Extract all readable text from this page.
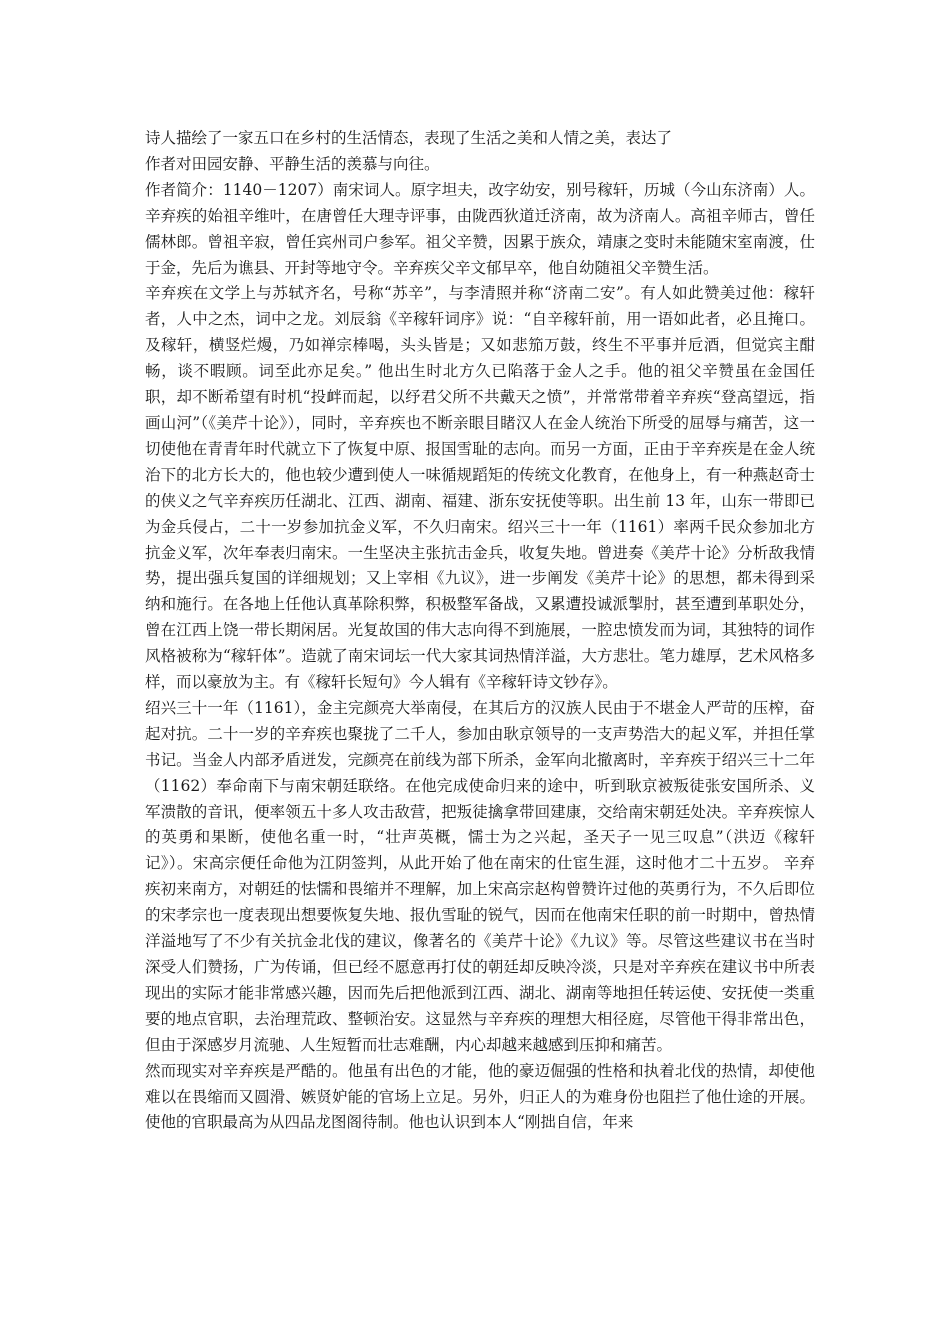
诗人描绘了一家五口在乡村的生活情态，表现了生活之美和人情之美，表达了

作者对田园安静、平静生活的羡慕与向往。

作者简介：1140－1207）南宋词人。原字坦夫，改字幼安，别号稼轩，历城（今山东济南）人。 辛弃疾的始祖辛维叶，在唐曾任大理寺评事，由陇西狄道迁济南，故为济南人。高祖辛师古，曾任儒林郎。曾祖辛寂，曾任宾州司户参军。祖父辛赞，因累于族众，靖康之变时未能随宋室南渡，仕于金，先后为谯县、开封等地守令。辛弃疾父辛文郁早卒，他自幼随祖父辛赞生活。

辛弃疾在文学上与苏轼齐名，号称“苏辛”，与李清照并称“济南二安”。有人如此赞美过他：稼轩者，人中之杰，词中之龙。刘辰翁《辛稼轩词序》说：“自辛稼轩前，用一语如此者，必且掩口。及稼轩，横竖烂熳，乃如禅宗棒喝，头头皆是；又如悲笳万鼓，终生不平事并卮酒，但觉宾主酣畅，谈不暇顾。词至此亦足矣。” 他出生时北方久已陷落于金人之手。他的祖父辛赞虽在金国任职，却不断希望有时机“投衅而起，以纾君父所不共戴天之愤”，并常常带着辛弃疾“登高望远，指画山河”（《美芹十论》），同时，辛弃疾也不断亲眼目睹汉人在金人统治下所受的屈辱与痛苦，这一切使他在青青年时代就立下了恢复中原、报国雪耻的志向。而另一方面，正由于辛弃疾是在金人统治下的北方长大的，他也较少遭到使人一味循规蹈矩的传统文化教育，在他身上，有一种燕赵奇士的侠义之气辛弃疾历任湖北、江西、湖南、福建、浙东安抚使等职。出生前 13 年，山东一带即已为金兵侵占，二十一岁参加抗金义军，不久归南宋。绍兴三十一年（1161）率两千民众参加北方抗金义军，次年奉表归南宋。一生坚决主张抗击金兵，收复失地。曾进奏《美芹十论》分析敌我情势，提出强兵复国的详细规划；又上宰相《九议》，进一步阐发《美芹十论》的思想，都未得到采纳和施行。在各地上任他认真革除积弊，积极整军备战，又累遭投诚派掣肘，甚至遭到革职处分，曾在江西上饶一带长期闲居。光复故国的伟大志向得不到施展，一腔忠愤发而为词，其独特的词作风格被称为“稼轩体”。造就了南宋词坛一代大家其词热情洋溢，大方悲壮。笔力雄厚，艺术风格多样，而以豪放为主。有《稼轩长短句》今人辑有《辛稼轩诗文钞存》。

绍兴三十一年（1161），金主完颜亮大举南侵，在其后方的汉族人民由于不堪金人严苛的压榨，奋起对抗。二十一岁的辛弃疾也聚拢了二千人，参加由耿京领导的一支声势浩大的起义军，并担任掌书记。当金人内部矛盾迸发，完颜亮在前线为部下所杀，金军向北撤离时，辛弃疾于绍兴三十二年（1162）奉命南下与南宋朝廷联络。在他完成使命归来的途中，听到耿京被叛徒张安国所杀、义军溃散的音讯，便率领五十多人攻击敌营，把叛徒擒拿带回建康，交给南宋朝廷处决。辛弃疾惊人的英勇和果断，使他名重一时，“壮声英概，懦士为之兴起，圣天子一见三叹息”（洪迈《稼轩记》）。宋高宗便任命他为江阴签判，从此开始了他在南宋的仕宦生涯，这时他才二十五岁。 辛弃疾初来南方，对朝廷的怯懦和畏缩并不理解，加上宋高宗赵构曾赞许过他的英勇行为，不久后即位的宋孝宗也一度表现出想要恢复失地、报仇雪耻的锐气，因而在他南宋任职的前一时期中，曾热情洋溢地写了不少有关抗金北伐的建议，像著名的《美芹十论》《九议》等。尽管这些建议书在当时深受人们赞扬，广为传诵，但已经不愿意再打仗的朝廷却反映冷淡，只是对辛弃疾在建议书中所表现出的实际才能非常感兴趣，因而先后把他派到江西、湖北、湖南等地担任转运使、安抚使一类重要的地点官职，去治理荒政、整顿治安。这显然与辛弃疾的理想大相径庭，尽管他干得非常出色，但由于深感岁月流驰、人生短暂而壮志难酬，内心却越来越感到压抑和痛苦。

然而现实对辛弃疾是严酷的。他虽有出色的才能，他的豪迈倔强的性格和执着北伐的热情，却使他难以在畏缩而又圆滑、嫉贤妒能的官场上立足。另外，归正人的为难身份也阻拦了他仕途的开展。使他的官职最高为从四品龙图阁待制。他也认识到本人“刚拙自信，年来
